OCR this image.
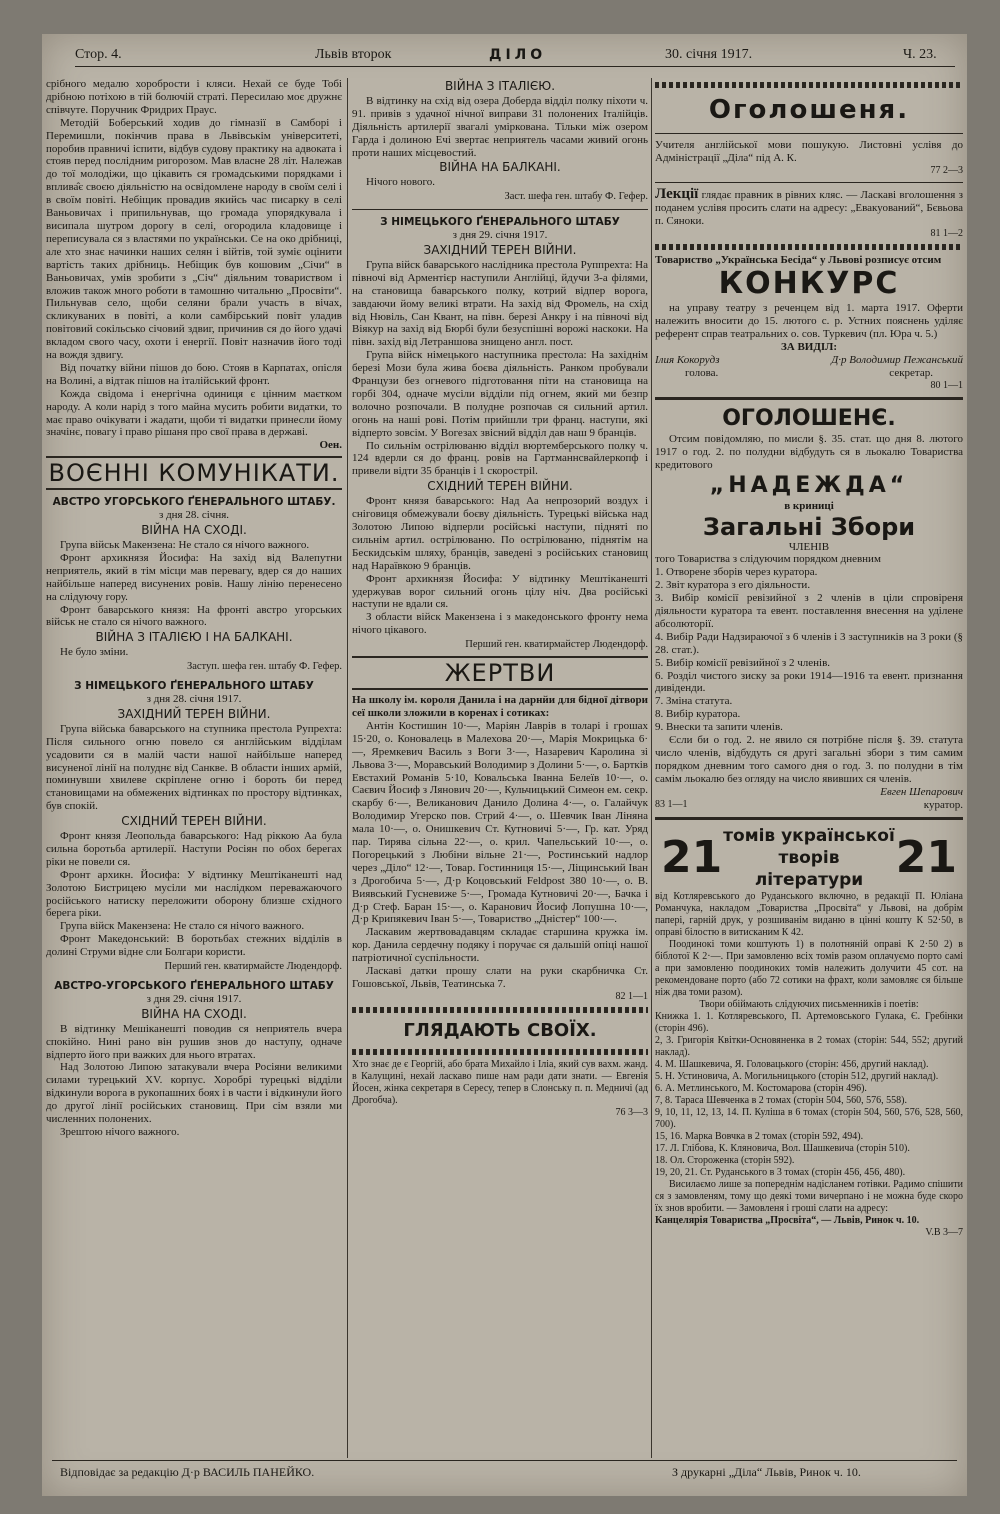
Стор. 4.	Львів второк	ДІЛО	30. січня 1917.	Ч. 23.

срібного медалю хоробрости і кляси. Нехай се буде Тобі дрібною потіхою в тій болючій страті. Пересилаю моє дружнє співчуте. Поручник Фридрих Праус.

Методій Боберський ходив до гімназії в Самборі і Перемишли, покінчив права в Львівськім університеті, поробив правничі іспити, відбув судову практику на адвоката і стояв перед послідним ригорозом. Мав власне 28 літ. Належав до тої молодіжи, що цікавить ся громадськими порядками і вплива̂є своєю діяльністю на освідомлене народу в своїм селі і в своїм повіті. Небіщик провадив якийсь час писарку в селі Ваньовичах і припильнував, що громада упорядкувала і висипала шутром дорогу в селі, огородила кладовище і переписувала ся з властями по українськи. Се на око дрібниці, але хто знає начинки наших селян і війтів, той зуміє оцінити вартість таких дрібниць. Небіщик був кошовим „Січи“ в Ваньовичах, умів зробити з „Січ“ діяльним товариством і вложив також много роботи в тамошню читальню „Просвіти“. Пильнував село, щоби селяни брали участь в вічах, скликуваних в повіті, а коли самбірський повіт уладив повітовий сокільсько січовий здвиг, причинив ся до його удачі вкладом свого часу, охоти і енергії. Повіт назначив його тоді на вождя здвигу.

Від початку війни пішов до бою. Стояв в Карпатах, опісля на Волині, а відтак пішов на італійський фронт.

Кожда свідома і енергічна одиниця є цінним маєтком народу. А коли нарід з того майна мусить робити видатки, то має право очікувати і жадати, щоби ті видатки принесли йому значінє, повагу і право рішаня про свої права в державі.

Оен.

ВОЄННІ КОМУНІКАТИ.
АВСТРО УГОРСЬКОГО ҐЕНЕРАЛЬНОГО ШТАБУ.

з дня 28. січня.

ВІЙНА НА СХОДІ.

Група військ Макензена: Не стало ся нічого важного.

Фронт архикнязя Йосифа: На захід від Валепутни неприятель, який в тім місци мав перевагу, вдер ся до наших найбільше наперед висунених ровів. Нашу лінію перенесено на слідуючу гору.

Фронт баварського князя: На фронті австро угорських військ не стало ся нічого важного.

ВІЙНА З ІТАЛІЄЮ І НА БАЛКАНІ.

Не було зміни.

Заступ. шефа ген. штабу Ф. Гефер.

З НІМЕЦЬКОГО ҐЕНЕРАЛЬНОГО ШТАБУ

з дня 28. січня 1917.

ЗАХІДНИЙ ТЕРЕН ВІЙНИ.

Група війська баварського на ступника престола Рупрехта: Після сильного огню повело ся англійським відділам усадовити ся в малій части нашої найбільше наперед висуненої лінії на полуднє від Санкве. В области інших армій, поминувши хвилеве скріплене огню і бороть би перед становищами на обмежених відтинках по простору відтинках, був спокій.

СХІДНИЙ ТЕРЕН ВІЙНИ.

Фронт князя Леопольда баварського: Над ріккою Аа була сильна боротьба артилерії. Наступи Росіян по обох берегах ріки не повели ся.

Фронт архикн. Йосифа: У відтинку Мештікaнешті над Золотою Бистрицею мусіли ми наслідком переважаючого російського натиску переложити оборону близше східного берега ріки.

Група війск Макензена: Не стало ся нічого важного.

Фронт Македонський: В боротьбах стежних відділів в долині Струми відне сли Болгари користи.

Перший ген. кватирмайсте Людендорф.

АВСТРО-УГОРСЬКОГО ҐЕНЕРАЛЬНОГО ШТАБУ

з дня 29. січня 1917.

ВІЙНА НА СХОДІ.

В відтинку Мешіканешті поводив ся неприятель вчера спокійно. Нині рано він рушив знов до наступу, одначе відперто його при важких для нього втратах.

Над Золотою Липою затакували вчера Росіяни великими силами турецький XV. корпус. Хоробрі турецькі відділи відкинули ворога в рукопашних боях і в части і відкинули його до другої лінії російських становищ. При сім взяли ми численних полонених.

Зрештою нічого важного.

ВІЙНА З ІТАЛІЄЮ.

В відтинку на схід від озера Доберда відділ полку піхоти ч. 91. привів з удачної нічної виправи 31 полонених Італійців. Діяльність артилерії звагалі умірковaна. Тільки між озером Гарда і долиною Ечі звертає неприятель часами живий огонь проти наших місцевостий.

ВІЙНА НА БАЛКАНІ.

Нічого нового.

Заст. шефа ген. штабу Ф. Гефер.

З НІМЕЦЬКОГО ҐЕНЕРАЛЬНОГО ШТАБУ

з дня 29. січня 1917.

ЗАХІДНИЙ ТЕРЕН ВІЙНИ.

Група війск баварського наслідника престола Руппрехта: На півночі від Арментієр наступили Англійці, йдучи 3-а філями, на становища баварського полку, котрий відпер ворога, завдаючи йому великі втрати. На захід від Фромель, на схід від Нювіль, Сан Квант, на півн. березі Анкру і на півночі від Віякур на захід від Бюрбі були безуспішні ворожі наскоки. На півн. захід від Летраншова знищено англ. пост.

Група війск німецького наступника престола: На західнім березі Мози була жива боєва діяльність. Ранком пробували Французи без огневого підготовання піти на становища на горбі 304, одначе мусіли відділи під огнем, який ми безпр волочно розпочали. В полудне розпочав ся сильний артил. огонь на наші рові. Потім прийшли три франц. наступи, які відперто зовсім. У Вогезах звісний відділ дав наш 9 бранців.

По сильнім острілюваню відділ вюртемберського полку ч. 124 вдерли ся до франц. ровів на Гартманнсвайлеркопф і привели відти 35 бранців і 1 скорострil.

СХІДНИЙ ТЕРЕН ВІЙНИ.

Фронт князя баварського: Над Аа непрозорий воздух і сніговиця обмежували боєву діяльність. Турецькі війська над Золотою Липою відперли російські наступи, піднятi по сильнім артил. острілюваню. По острілюваню, піднятім на Бескидськім шляху, бранців, заведені з російських становищ над Нараївкою 9 бранців.

Фронт архикнязя Йосифа: У відтинку Мештікaнешті удержував ворог сильний огонь цілу ніч. Два російські наступи не вдали ся.

З области війск Макензена і з македонського фронту нема нічого цікавого.

Перший ген. кватирмайстер Людендорф.

ЖЕРТВИ

На школу ім. короля Данила і на дарнйи для бідної дітвори сеї школи зложили в коренах і сотиках:

Антін Костишин 10·—, Маріян Лаврів в толарі і грошах 15·20, о. Коновалець в Малехова 20·—, Марія Мокрицька 6·—, Яремкевич Василь з Воги 3·—, Назаревич Каролина зі Львова 3·—, Моравський Володимир з Долини 5·—, о. Бартків Евстахий Романів 5·10, Ковальська Іванна Белеїв 10·—, о. Саєвич Йосиф з Лянович 20·—, Кульчицький Симеон ем. секр. скарбу 6·—, Великанович Данило Долина 4·—, о. Галайчук Володимир Угерско пов. Стрий 4·—, о. Шевчик Іван Ліняна мала 10·—, о. Онишкевич Ст. Кутновичі 5·—, Гр. кат. Уряд пар. Тирява сільна 22·—, о. крил. Чапельський 10·—, о. Погорецький з Любіни вільне 21·—, Ростинський надлор через „Діло“ 12·—, Товар. Гостинниця 15·—, Ліщинський Іван з Дрогобича 5·—, Д·р Коцовський Feldpost 380 10·—, о. В. Виявський Гусневиже 5·—, Громада Кутновичі 20·—, Бачка і Д·р Стеф. Баран 15·—, о. Каранович Йосиф Лопушна 10·—, Д·р Крипякевич Іван 5·—, Товариство „Дністер“ 100·—.

Ласкавим жертвовадавцям складає старшина кружка ім. кор. Данила сердечну подяку і поручає ся дальшій опіці нашої патріотичної суспільности.

Ласкаві датки прошу слати на руки скарбничка Ст. Гошовської, Львів, Театинська 7.

82 1—1

ГЛЯДАЮТЬ СВОЇХ.

Хто знає де є Георгій, або брата Михайло і Іліа, який сув вахм. жанд. в Калущині, нехай ласкаво пише нам ради дати знати. — Евгенія Йосен, жінка секретаря в Сересу, тепер в Слонську п. п. Медничі (ад Дрогобча).

76 3—3

Оголошеня.

Учителя англійської мови пошукую. Листовні услівя до Адміністрації „Діла“ під А. К.

77 2—3

Лекції глядає правник в рівних кляс. — Ласкаві вголошення з поданем услівя просить слати на адресу: „Евакуований“, Бєвьова п. Сяноки.

81 1—2

Товариство „Українська Бесіда“ у Львові розписує отсим

КОНКУРС

на управу театру з реченцем від 1. марта 1917. Оферти належить вносити до 15. лютого с. р. Устних пояснень уділяє референт справ театральних о. сов. Туркевич (пл. Юра ч. 5.)

ЗА ВИДІЛ:

Ілия Кокорудз	Д·р Володимир Пежанський
голова.	секретар.

80 1—1

ОГОЛОШЕНЄ.

Отсим повідомляю, по мисли §. 35. стат. що дня 8. лютого 1917 о год. 2. по полудни відбудуть ся в льокалю Товариства кредитового

„НАДЕЖДА“

в криниці

Загальні Збори

ЧЛЕНІВ

того Товариства з слідуючим порядком дневним

1. Отворене зборів через куратора.

2. Звіт куратора з его діяльности.

3. Вибір комісії ревізийної з 2 членів в ціли спровіреня діяльности куратора та евент. поставлення внесення на уділене абсолюторії.

4. Вибір Ради Надзираючої з 6 членів і 3 заступників на 3 роки (§ 28. стат.).

5. Вибір комісії ревізийної з 2 членів.

6. Розділ чистого зиску за роки 1914—1916 та евент. признання дивіденди.

7. Зміна статута.

8. Вибір куратора.

9. Внески та запити членів.

Єсли би о год. 2. не явило ся потрібне після §. 39. статута число членів, відбудуть ся другі загальні збори з тим самим порядком дневним того самого дня о год. 3. по полудни в тім самім льокалю без огляду на число явивших ся членів.

Евген Шепарович

83 1—1	куратор.
21 томів української
творів літератури 21

від Котляревського до Руданського включно, в редакції П. Юліана Романчука, накладом „Товариства „Просвіта“ у Львові, на добрім папері, гарній друк, у розшиванім виданю в цінні кошту К 52·50, в оправі білостю в витисканим К 42.

Поодинокі томи коштують 1) в полотняній оправі К 2·50 2) в біблотої К 2·—. При замовленю всіх томів разом оплачуємо порто самі а при замовленю поодиноких томів належить долучити 45 сот. на рекомендоване порто (або 72 сотики на фрахт, коли замовляє ся більше ніж два томи разом).

Твори обіймають слідуючих письменників і поетів:

Книжка 1. 1. Котляревського, П. Артемовського Гулака, Є. Гребінки (сторін 496).

2, 3. Григорія Квітки-Основяненка в 2 томах (сторін: 544, 552; другий наклад).

4. М. Шашкевича, Я. Головацького (сторін: 456, другий наклад).

5. Н. Устиновича, А. Могильницького (сторін 512, другий наклад).

6. А. Метлинського, М. Костомарова (сторін 496).

7, 8. Тараса Шевченка в 2 томах (сторін 504, 560, 576, 558).

9, 10, 11, 12, 13, 14. П. Куліша в 6 томах (сторін 504, 560, 576, 528, 560, 700).

15, 16. Марка Вовчка в 2 томах (сторін 592, 494).

17. Л. Глібова, К. Кляновича, Вол. Шашкевича (сторін 510).

18. Ол. Стороженка (сторін 592).

19, 20, 21. Ст. Руданського в 3 томах (сторін 456, 456, 480).

Висилаємо лише за попереднім надісланем готівки. Радимо спішити ся з замовленям, тому що деякі томи вичерпано і не можна буде скоро їх знов вробити. — Замовленя і гроші слати на адресу:

Канцелярія Товариства „Просвіта“, — Львів, Ринок ч. 10.

V.B 3—7

Відповідає за редакцію Д·р ВАСИЛЬ ПАНЕЙКО.	З друкарні „Діла“ Львів, Ринок ч. 10.
